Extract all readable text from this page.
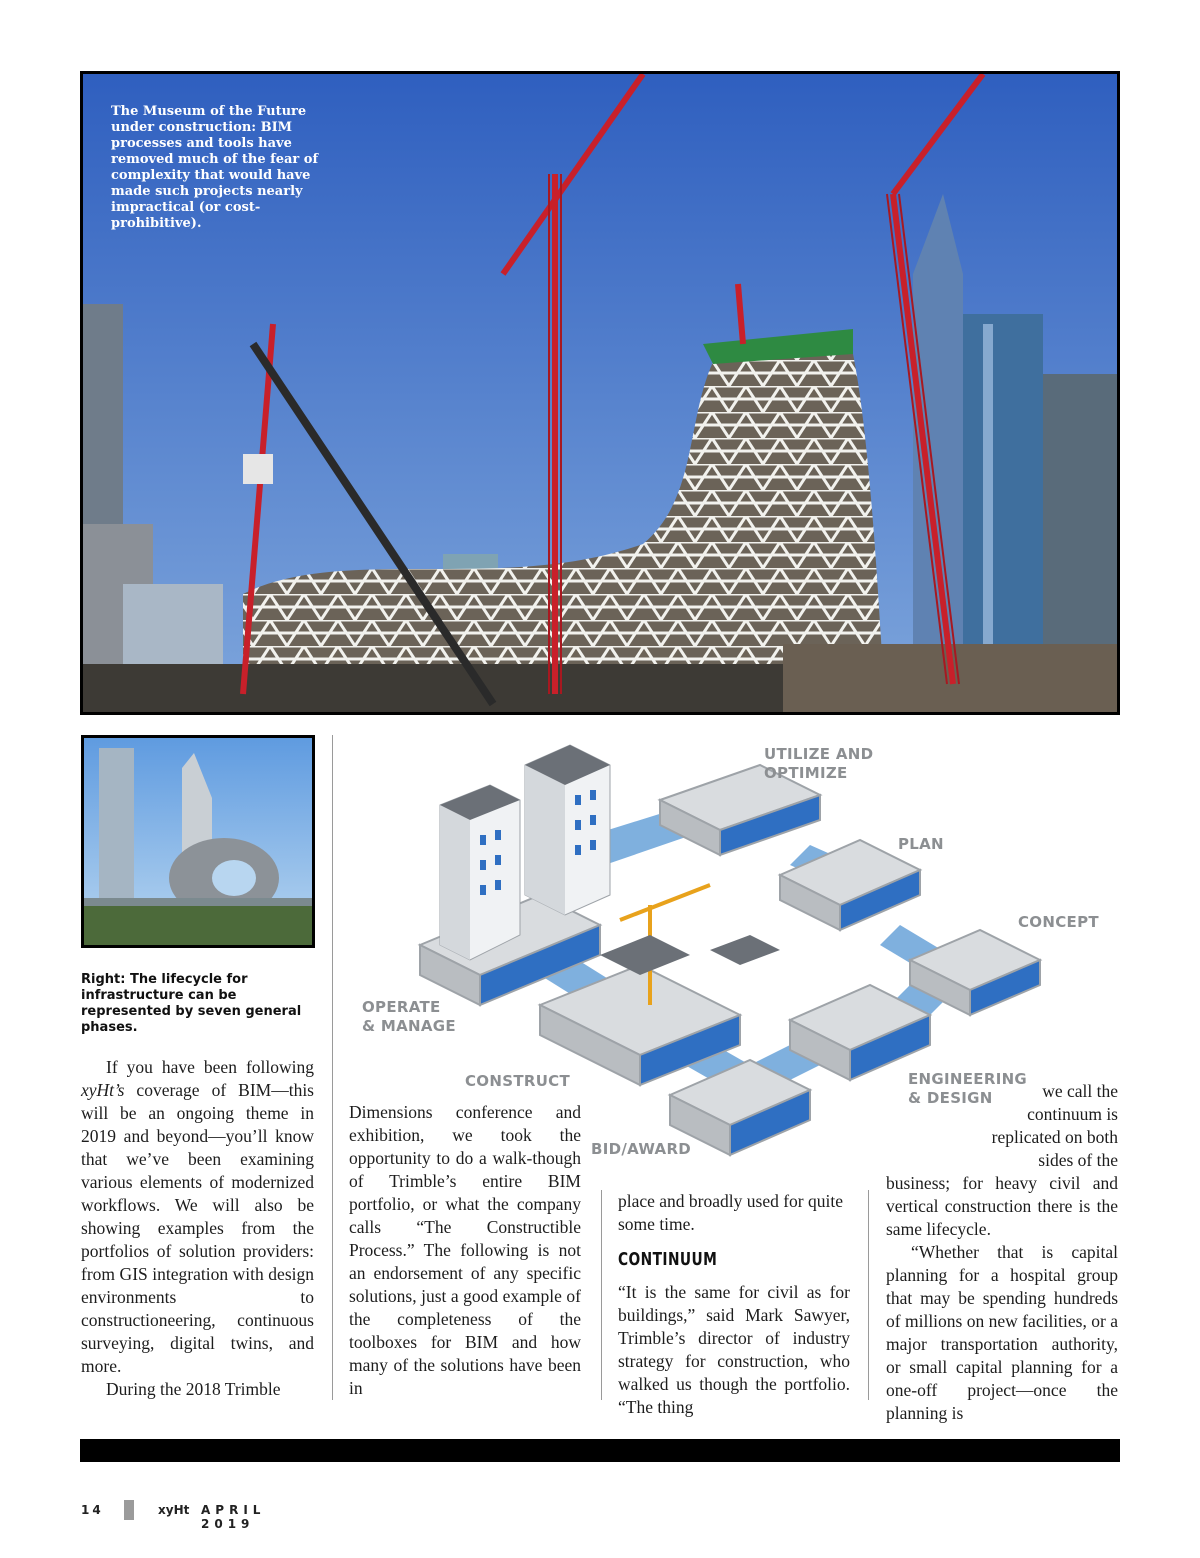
The Museum of the Future under construction: BIM processes and tools have removed much of the fear of complexity that would have made such projects nearly impractical (or cost-prohibitive).
Right: The lifecycle for infrastructure can be represented by seven general phases.
UTILIZE AND
OPTIMIZE
PLAN
CONCEPT
ENGINEERING
& DESIGN
BID/AWARD
CONSTRUCT
OPERATE
& MANAGE

If you have been following xyHt’s coverage of BIM—this will be an ongoing theme in 2019 and beyond—you’ll know that we’ve been examining various elements of modernized workflows. We will also be showing examples from the portfolios of solution providers: from GIS integration with design environments to constructioneering, continuous surveying, digital twins, and more.

During the 2018 Trimble

Dimensions conference and exhibition, we took the opportunity to do a walk-though of Trimble’s entire BIM portfolio, or what the company calls “The Constructible Process.” The following is not an endorsement of any specific solutions, just a good example of the completeness of the toolboxes for BIM and how many of the solutions have been in

place and broadly used for quite some time.

CONTINUUM

“It is the same for civil as for buildings,” said Mark Sawyer, Trimble’s director of industry strategy for construction, who walked us though the portfolio. “The thing

we call the continuum is replicated on both sides of the

business; for heavy civil and vertical construction there is the same lifecycle.

“Whether that is capital planning for a hospital group that may be spending hundreds of millions on new facilities, or a major transportation authority, or small capital planning for a one-off project—once the planning is

14	xyHt APRIL 2019
